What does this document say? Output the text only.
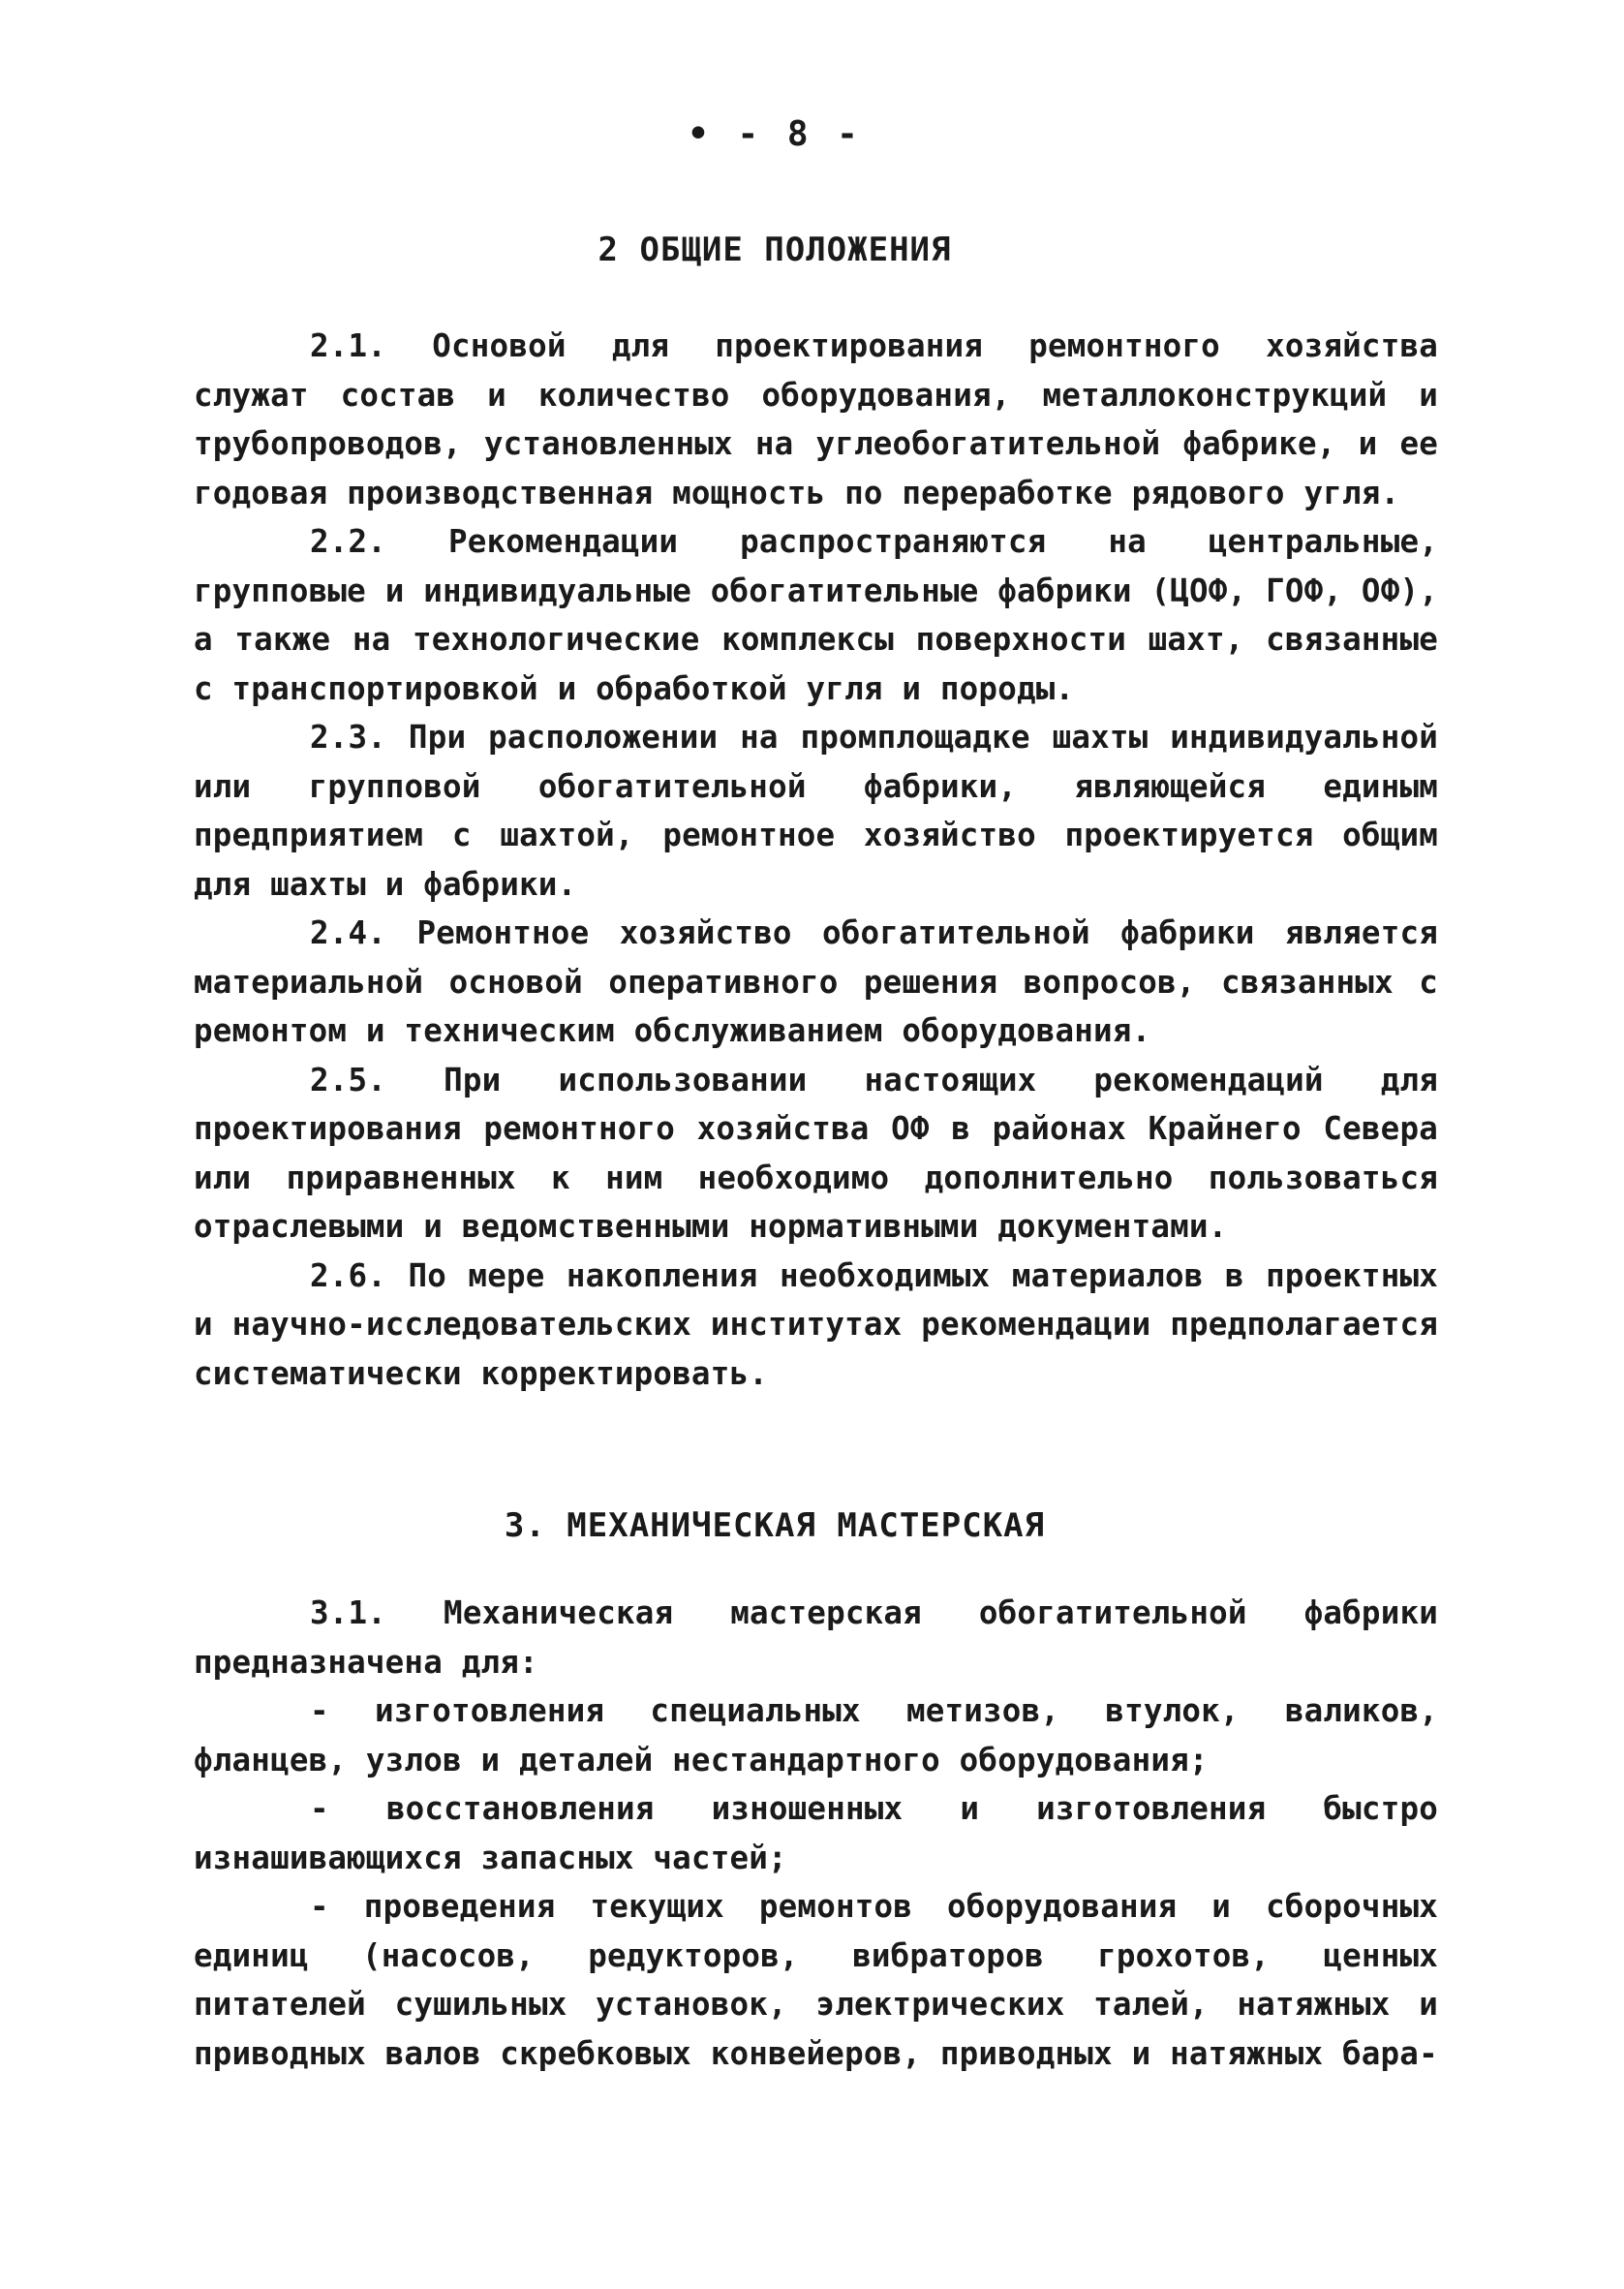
• - 8 -
2 ОБЩИЕ ПОЛОЖЕНИЯ

2.1. Основой для проектирования ремонтного хозяйства служат состав и количество оборудования, металлоконструкций и трубопроводов, установленных на углеобогатительной фабрике, и ее годовая производственная мощность по переработке рядового угля.

2.2. Рекомендации распространяются на центральные, групповые и индивидуальные обогатительные фабрики (ЦОФ, ГОФ, ОФ), а также на технологические комплексы поверхности шахт, связанные с транспортировкой и обработкой угля и породы.

2.3. При расположении на промплощадке шахты индивидуальной или групповой обогатительной фабрики, являющейся единым предприятием с шахтой, ремонтное хозяйство проектируется общим для шахты и фабрики.

2.4. Ремонтное хозяйство обогатительной фабрики является материальной основой оперативного решения вопросов, связанных с ремонтом и техническим обслуживанием оборудования.

2.5. При использовании настоящих рекомендаций для проектирования ремонтного хозяйства ОФ в районах Крайнего Севера или приравненных к ним необходимо дополнительно пользоваться отраслевыми и ведомственными нормативными документами.

2.6. По мере накопления необходимых материалов в проектных и научно-исследовательских институтах рекомендации предполагается систематически корректировать.

3. МЕХАНИЧЕСКАЯ МАСТЕРСКАЯ

3.1. Механическая мастерская обогатительной фабрики предназначена для:

- изготовления специальных метизов, втулок, валиков, фланцев, узлов и деталей нестандартного оборудования;

- восстановления изношенных и изготовления быстро изнашивающихся запасных частей;

- проведения текущих ремонтов оборудования и сборочных единиц (насосов, редукторов, вибраторов грохотов, ценных питателей сушильных установок, электрических талей, натяжных и приводных валов скребковых конвейеров, приводных и натяжных бара-
